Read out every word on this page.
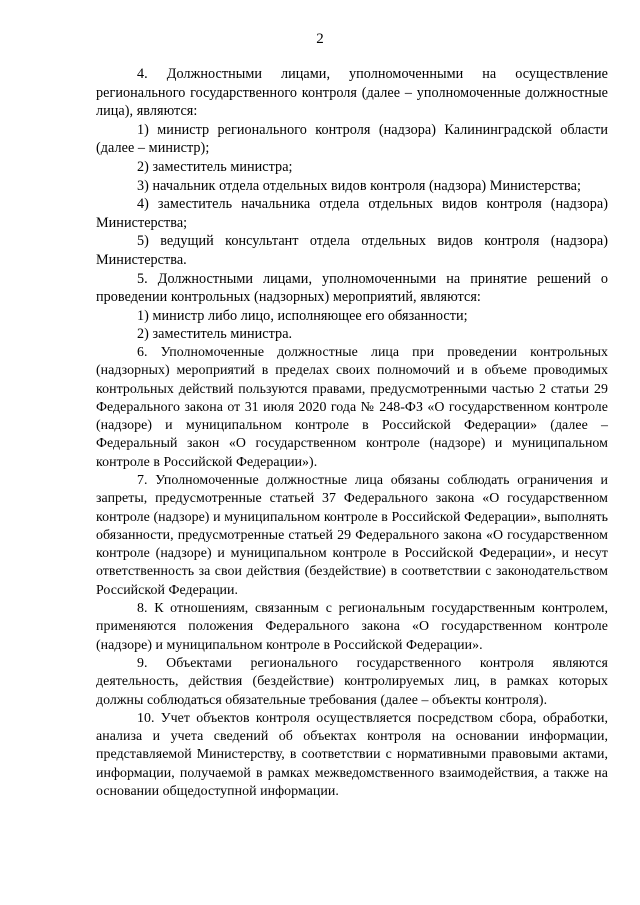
2

4. Должностными лицами, уполномоченными на осуществление регионального государственного контроля (далее – уполномоченные должностные лица), являются:

1) министр регионального контроля (надзора) Калининградской области (далее – министр);

2) заместитель министра;

3) начальник отдела отдельных видов контроля (надзора) Министерства;

4) заместитель начальника отдела отдельных видов контроля (надзора) Министерства;

5) ведущий консультант отдела отдельных видов контроля (надзора) Министерства.

5. Должностными лицами, уполномоченными на принятие решений о проведении контрольных (надзорных) мероприятий, являются:

1) министр либо лицо, исполняющее его обязанности;

2) заместитель министра.

6. Уполномоченные должностные лица при проведении контрольных (надзорных) мероприятий в пределах своих полномочий и в объеме проводимых контрольных действий пользуются правами, предусмотренными частью 2 статьи 29 Федерального закона от 31 июля 2020 года № 248-ФЗ «О государственном контроле (надзоре) и муниципальном контроле в Российской Федерации» (далее – Федеральный закон «О государственном контроле (надзоре) и муниципальном контроле в Российской Федерации»).

7. Уполномоченные должностные лица обязаны соблюдать ограничения и запреты, предусмотренные статьей 37 Федерального закона «О государственном контроле (надзоре) и муниципальном контроле в Российской Федерации», выполнять обязанности, предусмотренные статьей 29 Федерального закона «О государственном контроле (надзоре) и муниципальном контроле в Российской Федерации», и несут ответственность за свои действия (бездействие) в соответствии с законодательством Российской Федерации.

8. К отношениям, связанным с региональным государственным контролем, применяются положения Федерального закона «О государственном контроле (надзоре) и муниципальном контроле в Российской Федерации».

9. Объектами регионального государственного контроля являются деятельность, действия (бездействие) контролируемых лиц, в рамках которых должны соблюдаться обязательные требования (далее – объекты контроля).

10. Учет объектов контроля осуществляется посредством сбора, обработки, анализа и учета сведений об объектах контроля на основании информации, представляемой Министерству, в соответствии с нормативными правовыми актами, информации, получаемой в рамках межведомственного взаимодействия, а также на основании общедоступной информации.
